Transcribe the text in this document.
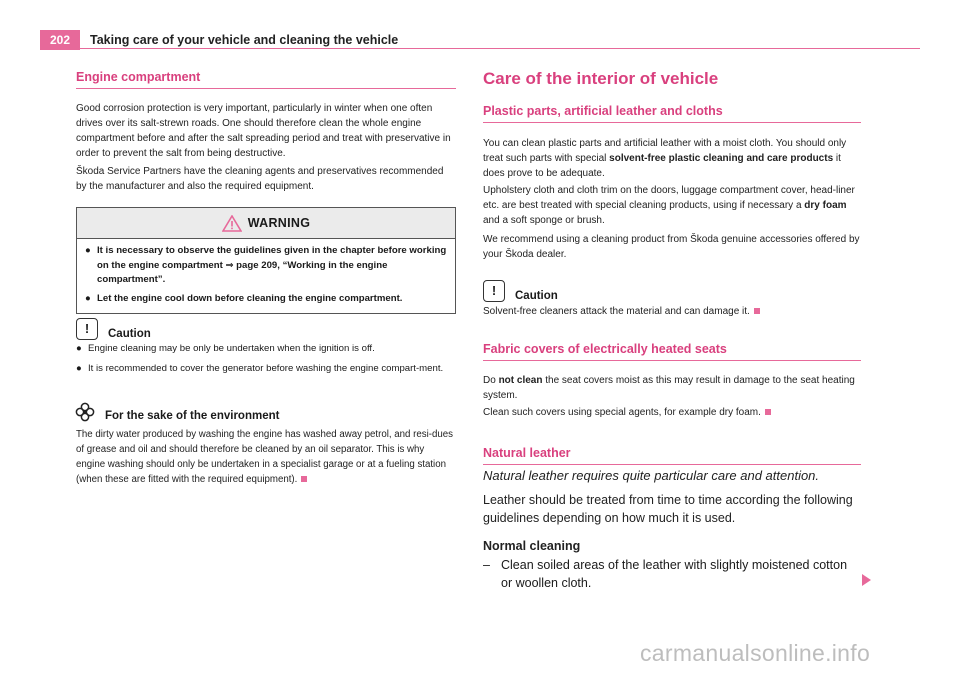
202	Taking care of your vehicle and cleaning the vehicle
Engine compartment

Good corrosion protection is very important, particularly in winter when one often drives over its salt-strewn roads. One should therefore clean the whole engine compartment before and after the salt spreading period and treat with preservative in order to prevent the salt from being destructive.

Škoda Service Partners have the cleaning agents and preservatives recommended by the manufacturer and also the required equipment.

WARNING
● It is necessary to observe the guidelines given in the chapter before working on the engine compartment ⇒ page 209, “Working in the engine compartment”.
● Let the engine cool down before cleaning the engine compartment.
!	Caution
● Engine cleaning may be only be undertaken when the ignition is off.
● It is recommended to cover the generator before washing the engine compart-ment.
For the sake of the environment

The dirty water produced by washing the engine has washed away petrol, and resi-dues of grease and oil and should therefore be cleaned by an oil separator. This is why engine washing should only be undertaken in a specialist garage or at a fueling station (when these are fitted with the required equipment).

Care of the interior of vehicle
Plastic parts, artificial leather and cloths

You can clean plastic parts and artificial leather with a moist cloth. You should only treat such parts with special solvent-free plastic cleaning and care products it does prove to be adequate.

Upholstery cloth and cloth trim on the doors, luggage compartment cover, head-liner etc. are best treated with special cleaning products, using if necessary a dry foam and a soft sponge or brush.

We recommend using a cleaning product from Škoda genuine accessories offered by your Škoda dealer.

!	Caution

Solvent-free cleaners attack the material and can damage it.

Fabric covers of electrically heated seats

Do not clean the seat covers moist as this may result in damage to the seat heating system.

Clean such covers using special agents, for example dry foam.

Natural leather

Natural leather requires quite particular care and attention.

Leather should be treated from time to time according the following guidelines depending on how much it is used.

Normal cleaning

– Clean soiled areas of the leather with slightly moistened cotton or woollen cloth.
carmanualsonline.info
